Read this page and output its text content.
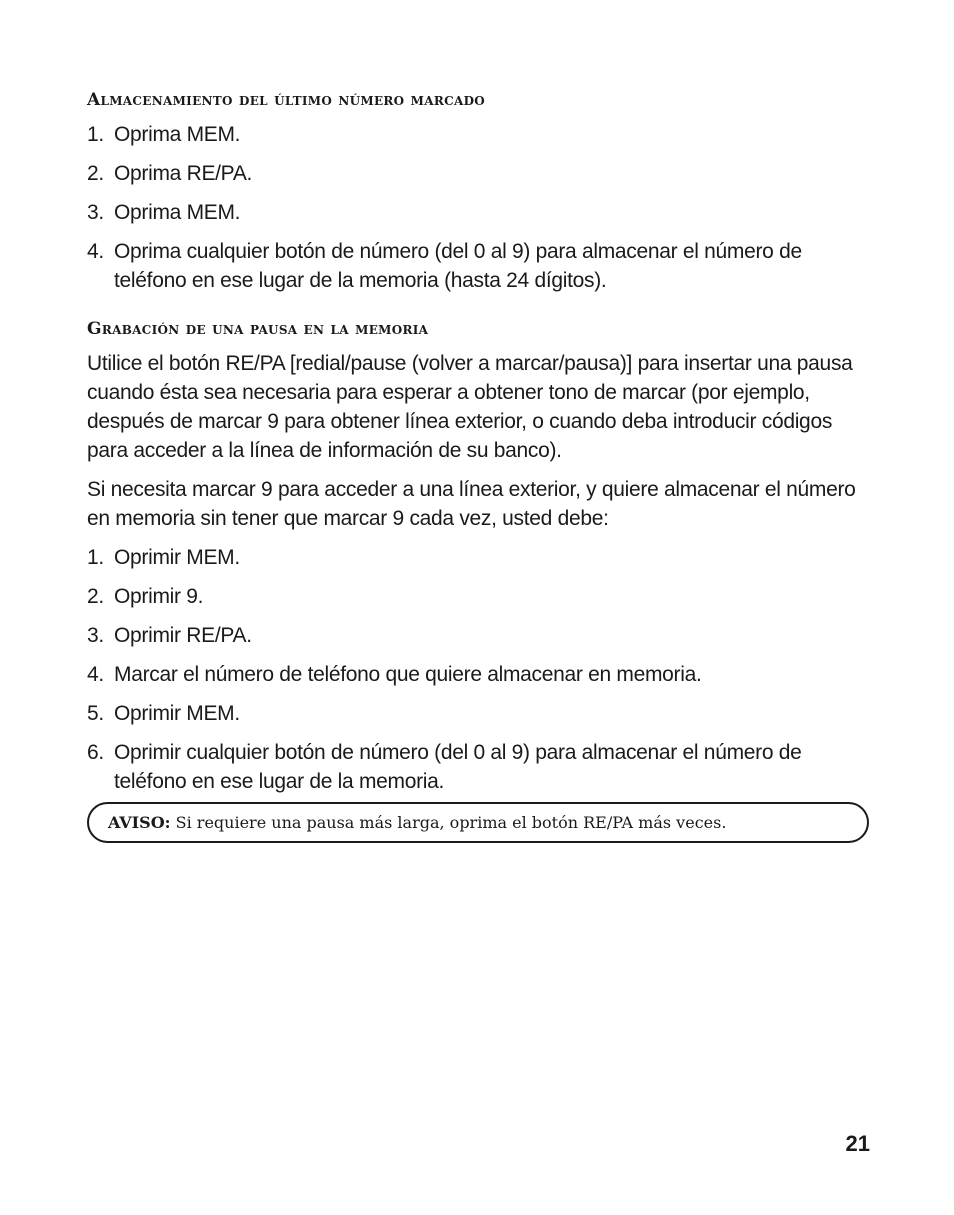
Almacenamiento del último número marcado
1. Oprima MEM.
2. Oprima RE/PA.
3. Oprima MEM.
4. Oprima cualquier botón de número (del 0 al 9) para almacenar el número de teléfono en ese lugar de la memoria (hasta 24 dígitos).
Grabación de una pausa en la memoria

Utilice el botón RE/PA [redial/pause (volver a marcar/pausa)] para insertar una pausa cuando ésta sea necesaria para esperar a obtener tono de marcar (por ejemplo, después de marcar 9 para obtener línea exterior, o cuando deba introducir códigos para acceder a la línea de información de su banco).

Si necesita marcar 9 para acceder a una línea exterior, y quiere almacenar el número en memoria sin tener que marcar 9 cada vez, usted debe:

1. Oprimir MEM.
2. Oprimir 9.
3. Oprimir RE/PA.
4. Marcar el número de teléfono que quiere almacenar en memoria.
5. Oprimir MEM.
6. Oprimir cualquier botón de número (del 0 al 9) para almacenar el número de teléfono en ese lugar de la memoria.
AVISO: Si requiere una pausa más larga, oprima el botón RE/PA más veces.
21
